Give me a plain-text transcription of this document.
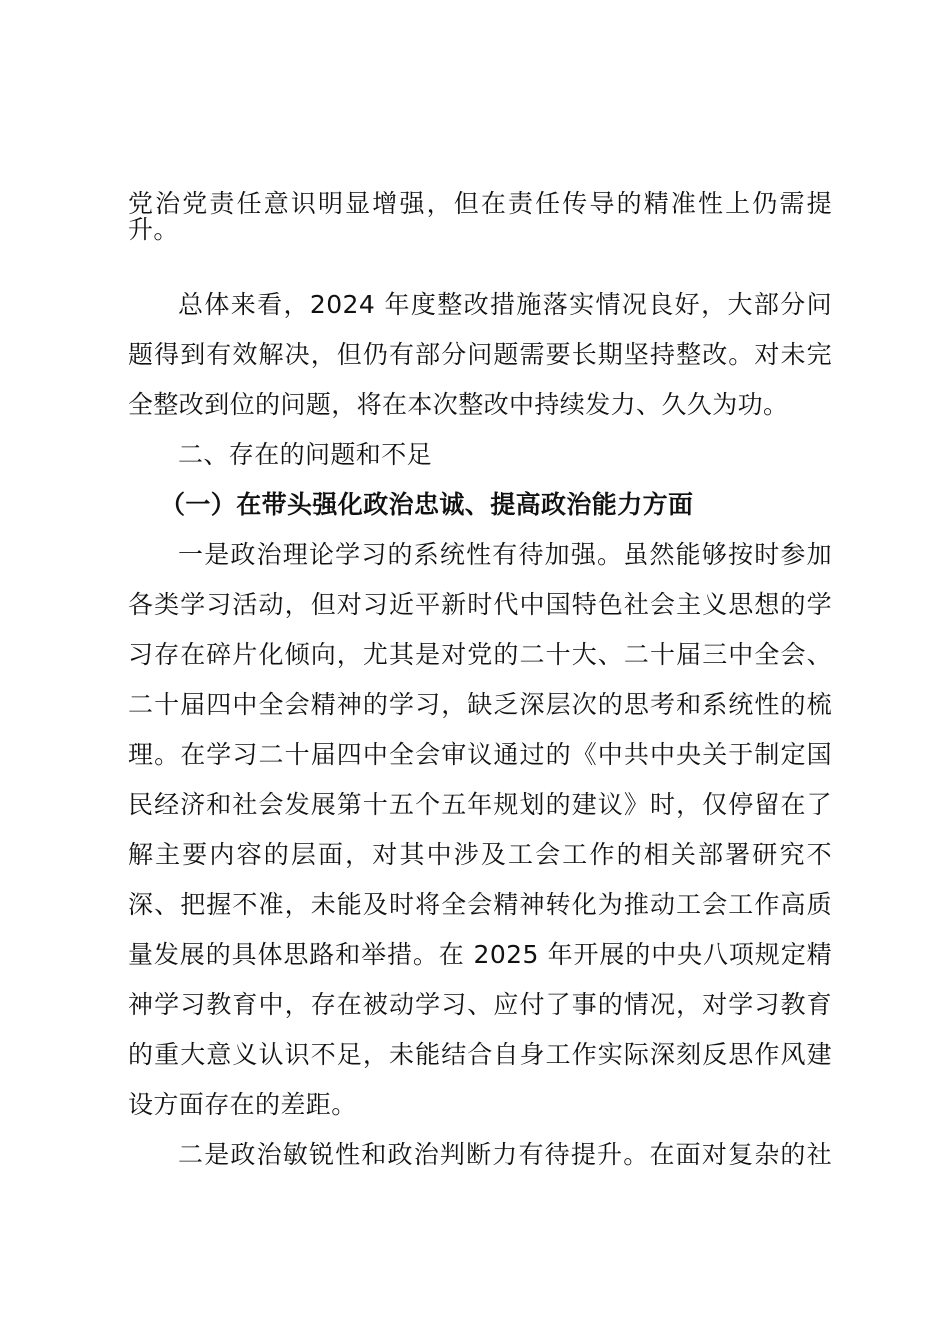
党治党责任意识明显增强，但在责任传导的精准性上仍需提
升。
总体来看，2024 年度整改措施落实情况良好，大部分问
题得到有效解决，但仍有部分问题需要长期坚持整改。对未完
全整改到位的问题，将在本次整改中持续发力、久久为功。
二、存在的问题和不足
（一）在带头强化政治忠诚、提高政治能力方面
一是政治理论学习的系统性有待加强。虽然能够按时参加
各类学习活动，但对习近平新时代中国特色社会主义思想的学
习存在碎片化倾向，尤其是对党的二十大、二十届三中全会、
二十届四中全会精神的学习，缺乏深层次的思考和系统性的梳
理。在学习二十届四中全会审议通过的《中共中央关于制定国
民经济和社会发展第十五个五年规划的建议》时，仅停留在了
解主要内容的层面，对其中涉及工会工作的相关部署研究不
深、把握不准，未能及时将全会精神转化为推动工会工作高质
量发展的具体思路和举措。在 2025 年开展的中央八项规定精
神学习教育中，存在被动学习、应付了事的情况，对学习教育
的重大意义认识不足，未能结合自身工作实际深刻反思作风建
设方面存在的差距。
二是政治敏锐性和政治判断力有待提升。在面对复杂的社
